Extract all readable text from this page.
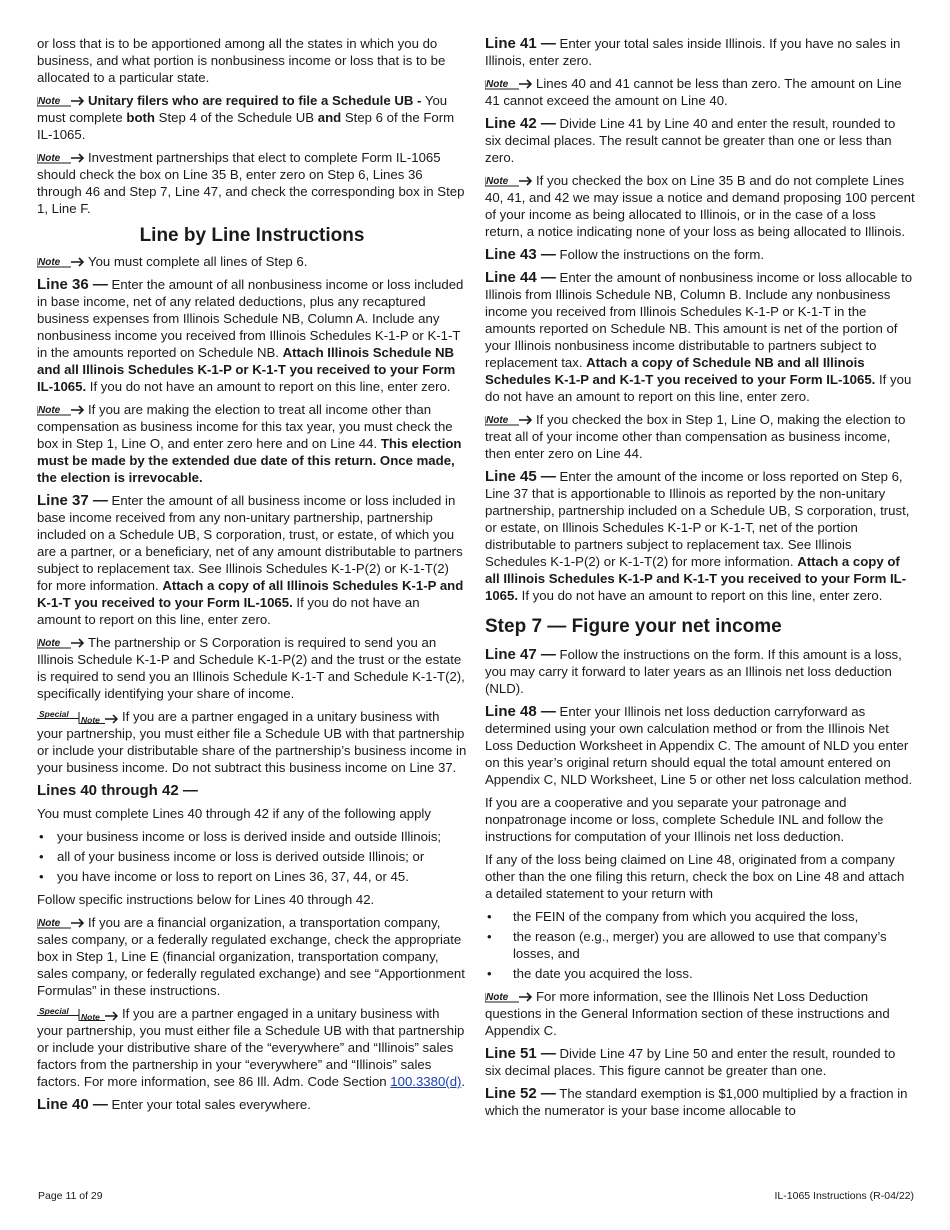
or loss that is to be apportioned among all the states in which you do business, and what portion is nonbusiness income or loss that is to be allocated to a particular state.

Note Unitary filers who are required to file a Schedule UB - You must complete both Step 4 of the Schedule UB and Step 6 of the Form IL-1065.

Note Investment partnerships that elect to complete Form IL-1065 should check the box on Line 35 B, enter zero on Step 6, Lines 36 through 46 and Step 7, Line 47, and check the corresponding box in Step 1, Line F.

Line by Line Instructions

Note You must complete all lines of Step 6.

Line 36 — Enter the amount of all nonbusiness income or loss included in base income, net of any related deductions, plus any recaptured business expenses from Illinois Schedule NB, Column A. Include any nonbusiness income you received from Illinois Schedules K-1-P or K-1-T in the amounts reported on Schedule NB. Attach Illinois Schedule NB and all Illinois Schedules K-1-P or K-1-T you received to your Form IL-1065. If you do not have an amount to report on this line, enter zero.

Note If you are making the election to treat all income other than compensation as business income for this tax year, you must check the box in Step 1, Line O, and enter zero here and on Line 44. This election must be made by the extended due date of this return. Once made, the election is irrevocable.

Line 37 — Enter the amount of all business income or loss included in base income received from any non-unitary partnership, partnership included on a Schedule UB, S corporation, trust, or estate, of which you are a partner, or a beneficiary, net of any amount distributable to partners subject to replacement tax. See Illinois Schedules K-1-P(2) or K-1-T(2) for more information. Attach a copy of all Illinois Schedules K-1-P and K-1-T you received to your Form IL-1065. If you do not have an amount to report on this line, enter zero.

Note The partnership or S Corporation is required to send you an Illinois Schedule K-1-P and Schedule K-1-P(2) and the trust or the estate is required to send you an Illinois Schedule K-1-T and Schedule K-1-T(2), specifically identifying your share of income.

Special
Note If you are a partner engaged in a unitary business with your partnership, you must either file a Schedule UB with that partnership or include your distributable share of the partnership’s business income in your business income. Do not subtract this business income on Line 37.

Lines 40 through 42 —

You must complete Lines 40 through 42 if any of the following apply

• your business income or loss is derived inside and outside Illinois;
• all of your business income or loss is derived outside Illinois; or
• you have income or loss to report on Lines 36, 37, 44, or 45.

Follow specific instructions below for Lines 40 through 42.

Note If you are a financial organization, a transportation company, sales company, or a federally regulated exchange, check the appropriate box in Step 1, Line E (financial organization, transportation company, sales company, or federally regulated exchange) and see “Apportionment Formulas” in these instructions.

Special
Note If you are a partner engaged in a unitary business with your partnership, you must either file a Schedule UB with that partnership or include your distributive share of the “everywhere” and “Illinois” sales factors from the partnership in your “everywhere” and “Illinois” sales factors. For more information, see 86 Ill. Adm. Code Section 100.3380(d).

Line 40 — Enter your total sales everywhere.

Line 41 — Enter your total sales inside Illinois. If you have no sales in Illinois, enter zero.

Note Lines 40 and 41 cannot be less than zero. The amount on Line 41 cannot exceed the amount on Line 40.

Line 42 — Divide Line 41 by Line 40 and enter the result, rounded to six decimal places. The result cannot be greater than one or less than zero.

Note If you checked the box on Line 35 B and do not complete Lines 40, 41, and 42 we may issue a notice and demand proposing 100 percent of your income as being allocated to Illinois, or in the case of a loss return, a notice indicating none of your loss as being allocated to Illinois.

Line 43 — Follow the instructions on the form.

Line 44 — Enter the amount of nonbusiness income or loss allocable to Illinois from Illinois Schedule NB, Column B. Include any nonbusiness income you received from Illinois Schedules K-1-P or K-1-T in the amounts reported on Schedule NB. This amount is net of the portion of your Illinois nonbusiness income distributable to partners subject to replacement tax. Attach a copy of Schedule NB and all Illinois Schedules K-1-P and K-1-T you received to your Form IL-1065. If you do not have an amount to report on this line, enter zero.

Note If you checked the box in Step 1, Line O, making the election to treat all of your income other than compensation as business income, then enter zero on Line 44.

Line 45 — Enter the amount of the income or loss reported on Step 6, Line 37 that is apportionable to Illinois as reported by the non-unitary partnership, partnership included on a Schedule UB, S corporation, trust, or estate, on Illinois Schedules K-1-P or K-1-T, net of the portion distributable to partners subject to replacement tax. See Illinois Schedules K-1-P(2) or K-1-T(2) for more information. Attach a copy of all Illinois Schedules K-1-P and K-1-T you received to your Form IL-1065. If you do not have an amount to report on this line, enter zero.

Step 7 — Figure your net income

Line 47 — Follow the instructions on the form. If this amount is a loss, you may carry it forward to later years as an Illinois net loss deduction (NLD).

Line 48 — Enter your Illinois net loss deduction carryforward as determined using your own calculation method or from the Illinois Net Loss Deduction Worksheet in Appendix C. The amount of NLD you enter on this year’s original return should equal the total amount entered on Appendix C, NLD Worksheet, Line 5 or other net loss calculation method.

If you are a cooperative and you separate your patronage and nonpatronage income or loss, complete Schedule INL and follow the instructions for computation of your Illinois net loss deduction.

If any of the loss being claimed on Line 48, originated from a company other than the one filing this return, check the box on Line 48 and attach a detailed statement to your return with

• the FEIN of the company from which you acquired the loss,
• the reason (e.g., merger) you are allowed to use that company’s losses, and
• the date you acquired the loss.

Note For more information, see the Illinois Net Loss Deduction questions in the General Information section of these instructions and Appendix C.

Line 51 — Divide Line 47 by Line 50 and enter the result, rounded to six decimal places. This figure cannot be greater than one.

Line 52 — The standard exemption is $1,000 multiplied by a fraction in which the numerator is your base income allocable to

Page 11 of 29	IL-1065 Instructions (R-04/22)
